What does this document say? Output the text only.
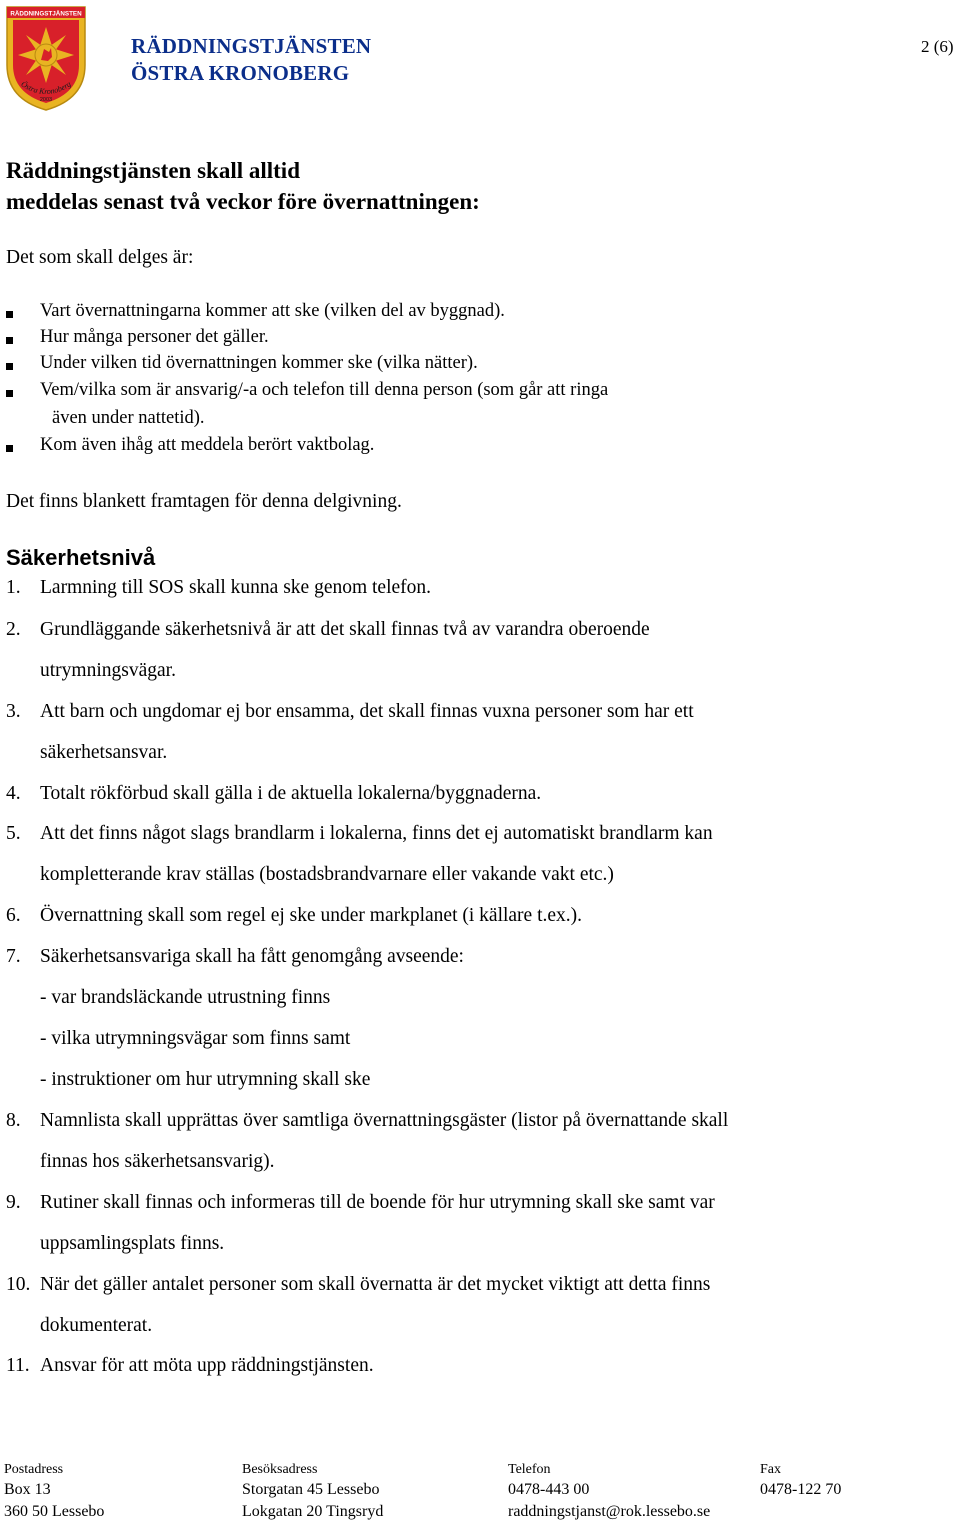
RÄDDNINGSTJÄNSTEN
Östra Kronoberg
2003
RÄDDNINGSTJÄNSTEN
ÖSTRA KRONOBERG
2 (6)
Räddningstjänsten skall alltid
meddelas senast två veckor före övernattningen:
Det som skall delges är:
Vart övernattningarna kommer att ske (vilken del av byggnad).
Hur många personer det gäller.
Under vilken tid övernattningen kommer ske (vilka nätter).
Vem/vilka som är ansvarig/-a och telefon till denna person (som går att ringa
även under nattetid).
Kom även ihåg att meddela berört vaktbolag.
Det finns blankett framtagen för denna delgivning.
Säkerhetsnivå
1. Larmning till SOS skall kunna ske genom telefon.
2. Grundläggande säkerhetsnivå är att det skall finnas två av varandra oberoende
utrymningsvägar.
3. Att barn och ungdomar ej bor ensamma, det skall finnas vuxna personer som har ett
säkerhetsansvar.
4. Totalt rökförbud skall gälla i de aktuella lokalerna/byggnaderna.
5. Att det finns något slags brandlarm i lokalerna, finns det ej automatiskt brandlarm kan
kompletterande krav ställas (bostadsbrandvarnare eller vakande vakt etc.)
6. Övernattning skall som regel ej ske under markplanet (i källare t.ex.).
7. Säkerhetsansvariga skall ha fått genomgång avseende:
- var brandsläckande utrustning finns
- vilka utrymningsvägar som finns samt
- instruktioner om hur utrymning skall ske
8. Namnlista skall upprättas över samtliga övernattningsgäster (listor på övernattande skall
finnas hos säkerhetsansvarig).
9. Rutiner skall finnas och informeras till de boende för hur utrymning skall ske samt var
uppsamlingsplats finns.
10. När det gäller antalet personer som skall övernatta är det mycket viktigt att detta finns
dokumenterat.
11. Ansvar för att möta upp räddningstjänsten.
Postadress
Box 13
360 50 Lessebo
Besöksadress
Storgatan 45 Lessebo
Lokgatan 20 Tingsryd
Telefon
0478-443 00
raddningstjanst@rok.lessebo.se
Fax
0478-122 70
